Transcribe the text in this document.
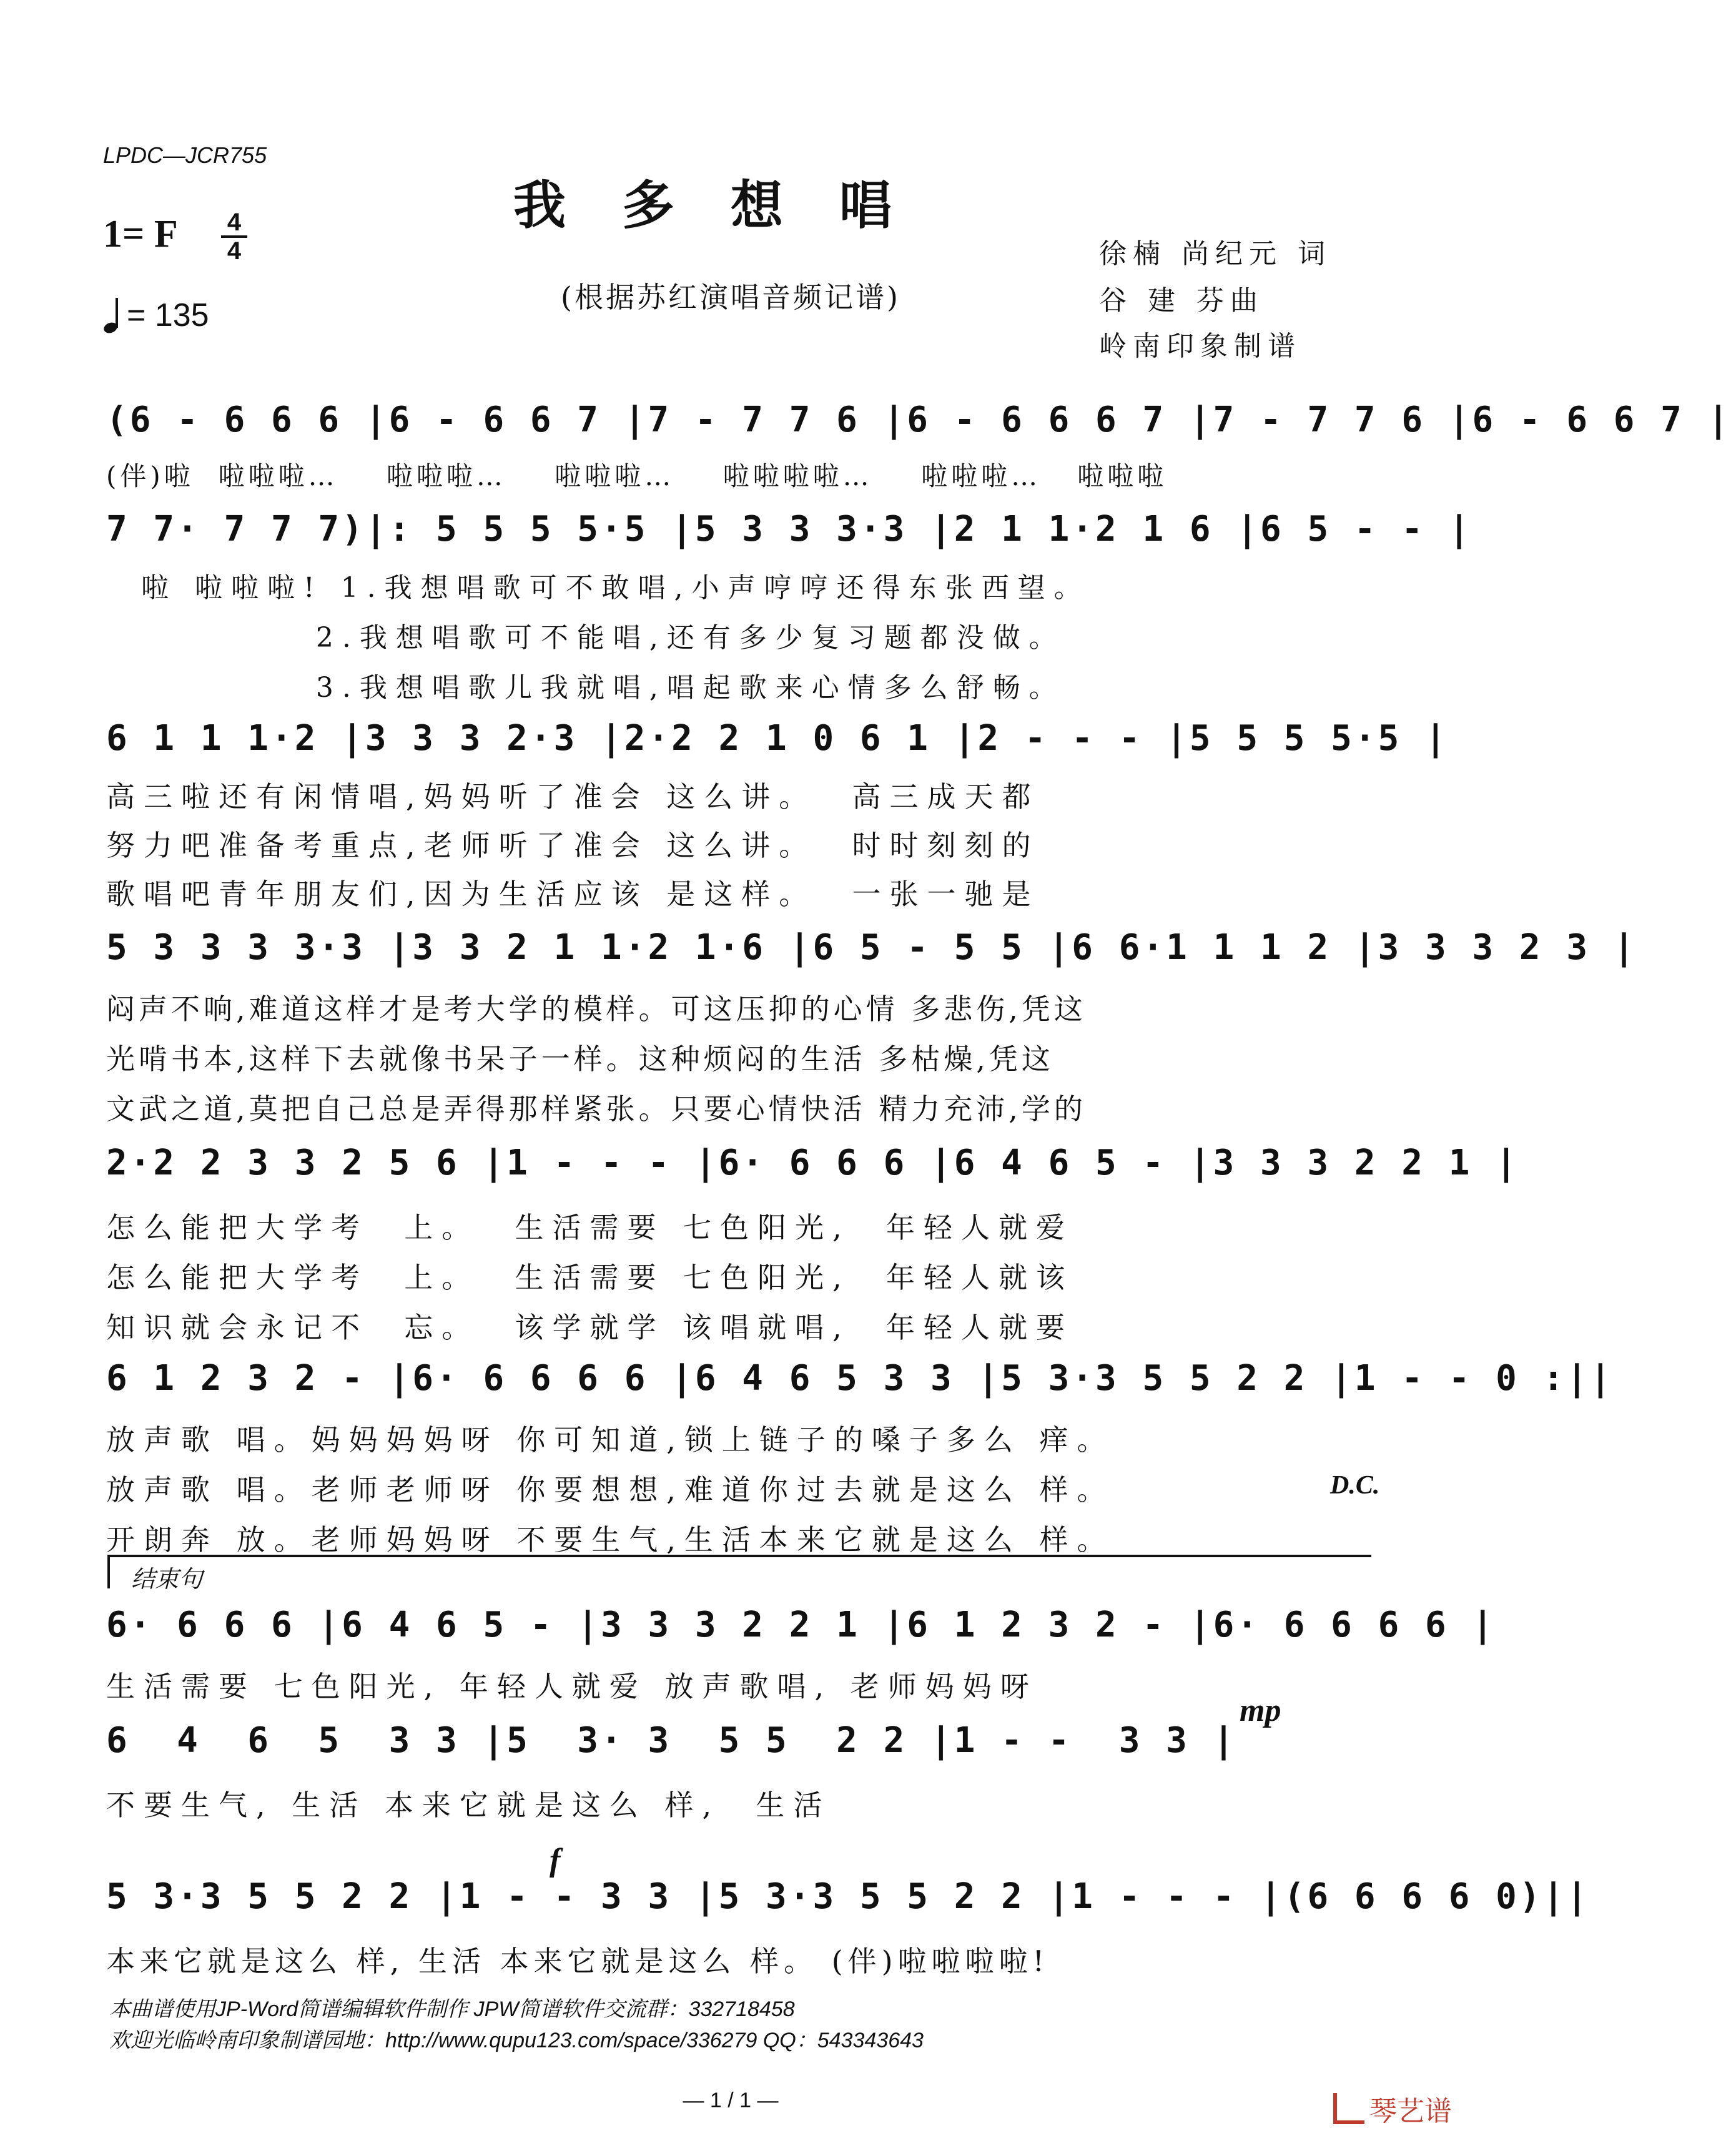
LPDC—JCR755
我多想唱
1= F	4
4
= 135	(根据苏红演唱音频记谱)
徐楠 尚纪元 词
谷 建 芬曲
岭南印象制谱
(6 - 6 6 6 |6 - 6 6 7 |7 - 7 7 6 |6 - 6 6 6 7 |7 - 7 7 6 |6 - 6 6 7 |
(伴)啦  啦啦啦…    啦啦啦…    啦啦啦…    啦啦啦啦…    啦啦啦…   啦啦啦
7 7· 7 7 7)|: 5 5 5 5·5 |5 3 3 3·3 |2 1 1·2 1 6 |6 5 - - |
啦 啦啦啦! 1.我想唱歌可不敢唱,小声哼哼还得东张西望。
2.我想唱歌可不能唱,还有多少复习题都没做。
3.我想唱歌儿我就唱,唱起歌来心情多么舒畅。
6 1 1 1·2 |3 3 3 2·3 |2·2 2 1 0 6 1 |2 - - - |5 5 5 5·5 |
高三啦还有闲情唱,妈妈听了准会 这么讲。  高三成天都
努力吧准备考重点,老师听了准会 这么讲。  时时刻刻的
歌唱吧青年朋友们,因为生活应该 是这样。  一张一驰是
5 3 3 3 3·3 |3 3 2 1 1·2 1·6 |6 5 - 5 5 |6 6·1 1 1 2 |3 3 3 2 3 |
闷声不响,难道这样才是考大学的模样。可这压抑的心情 多悲伤,凭这
光啃书本,这样下去就像书呆子一样。这种烦闷的生活 多枯燥,凭这
文武之道,莫把自己总是弄得那样紧张。只要心情快活 精力充沛,学的
2·2 2 3 3 2 5 6 |1 - - - |6· 6 6 6 |6 4 6 5 - |3 3 3 2 2 1 |
怎么能把大学考  上。  生活需要 七色阳光,  年轻人就爱
怎么能把大学考  上。  生活需要 七色阳光,  年轻人就该
知识就会永记不  忘。  该学就学 该唱就唱,  年轻人就要
6 1 2 3 2 - |6· 6 6 6 6 |6 4 6 5 3 3 |5 3·3 5 5 2 2 |1 - - 0 :||
放声歌 唱。妈妈妈妈呀 你可知道,锁上链子的嗓子多么 痒。
放声歌 唱。老师老师呀 你要想想,难道你过去就是这么 样。
开朗奔 放。老师妈妈呀 不要生气,生活本来它就是这么 样。
D.C.
结束句
6· 6 6 6 |6 4 6 5 - |3 3 3 2 2 1 |6 1 2 3 2 - |6· 6 6 6 6 |
生活需要 七色阳光, 年轻人就爱 放声歌唱, 老师妈妈呀
mp
6  4  6  5  3 3 |5  3· 3  5 5  2 2 |1 - -  3 3 |
不要生气, 生活 本来它就是这么 样,  生活
f
5 3·3 5 5 2 2 |1 - - 3 3 |5 3·3 5 5 2 2 |1 - - - |(6 6 6 6 0)||
本来它就是这么 样, 生活 本来它就是这么 样。 (伴)啦啦啦啦!
本曲谱使用JP-Word简谱编辑软件制作 JPW简谱软件交流群：332718458
欢迎光临岭南印象制谱园地：http://www.qupu123.com/space/336279 QQ：543343643
— 1 / 1 —	琴艺谱
